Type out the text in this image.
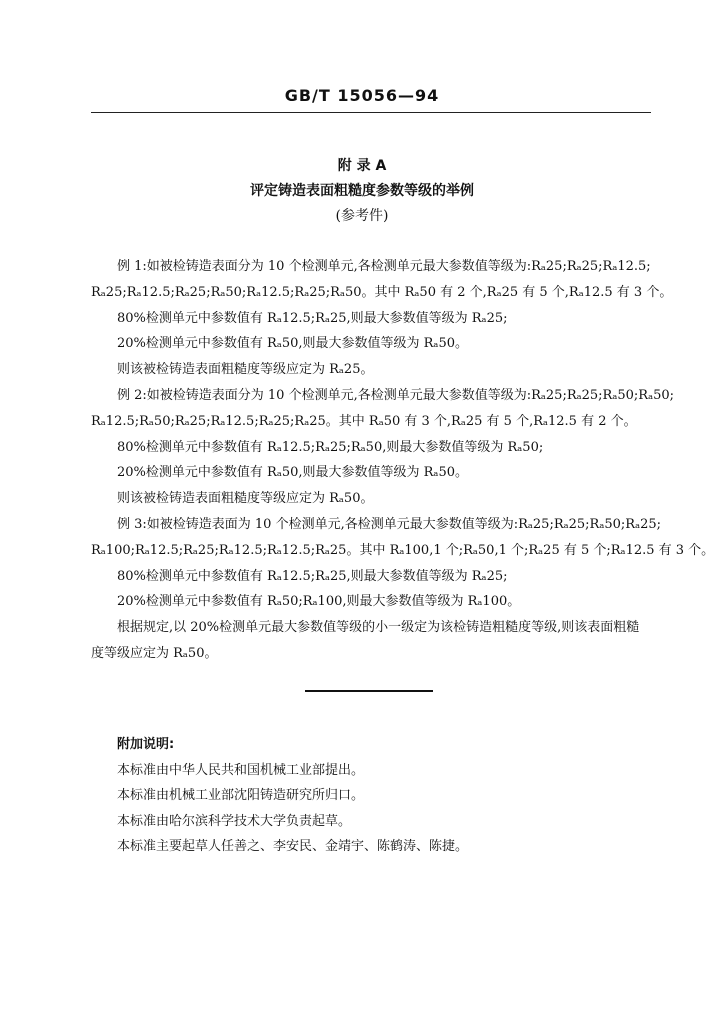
GB/T 15056—94
附 录 A
评定铸造表面粗糙度参数等级的举例
(参考件)

例 1:如被检铸造表面分为 10 个检测单元,各检测单元最大参数值等级为:Rₐ25;Rₐ25;Rₐ12.5;

Rₐ25;Rₐ12.5;Rₐ25;Rₐ50;Rₐ12.5;Rₐ25;Rₐ50。其中 Rₐ50 有 2 个,Rₐ25 有 5 个,Rₐ12.5 有 3 个。

80%检测单元中参数值有 Rₐ12.5;Rₐ25,则最大参数值等级为 Rₐ25;

20%检测单元中参数值有 Rₐ50,则最大参数值等级为 Rₐ50。

则该被检铸造表面粗糙度等级应定为 Rₐ25。

例 2:如被检铸造表面分为 10 个检测单元,各检测单元最大参数值等级为:Rₐ25;Rₐ25;Rₐ50;Rₐ50;

Rₐ12.5;Rₐ50;Rₐ25;Rₐ12.5;Rₐ25;Rₐ25。其中 Rₐ50 有 3 个,Rₐ25 有 5 个,Rₐ12.5 有 2 个。

80%检测单元中参数值有 Rₐ12.5;Rₐ25;Rₐ50,则最大参数值等级为 Rₐ50;

20%检测单元中参数值有 Rₐ50,则最大参数值等级为 Rₐ50。

则该被检铸造表面粗糙度等级应定为 Rₐ50。

例 3:如被检铸造表面为 10 个检测单元,各检测单元最大参数值等级为:Rₐ25;Rₐ25;Rₐ50;Rₐ25;

Rₐ100;Rₐ12.5;Rₐ25;Rₐ12.5;Rₐ12.5;Rₐ25。其中 Rₐ100,1 个;Rₐ50,1 个;Rₐ25 有 5 个;Rₐ12.5 有 3 个。

80%检测单元中参数值有 Rₐ12.5;Rₐ25,则最大参数值等级为 Rₐ25;

20%检测单元中参数值有 Rₐ50;Rₐ100,则最大参数值等级为 Rₐ100。

根据规定,以 20%检测单元最大参数值等级的小一级定为该检铸造粗糙度等级,则该表面粗糙度等级应定为 Rₐ50。

附加说明:

本标准由中华人民共和国机械工业部提出。
本标准由机械工业部沈阳铸造研究所归口。
本标准由哈尔滨科学技术大学负责起草。
本标准主要起草人任善之、李安民、金靖宇、陈鹤涛、陈捷。
